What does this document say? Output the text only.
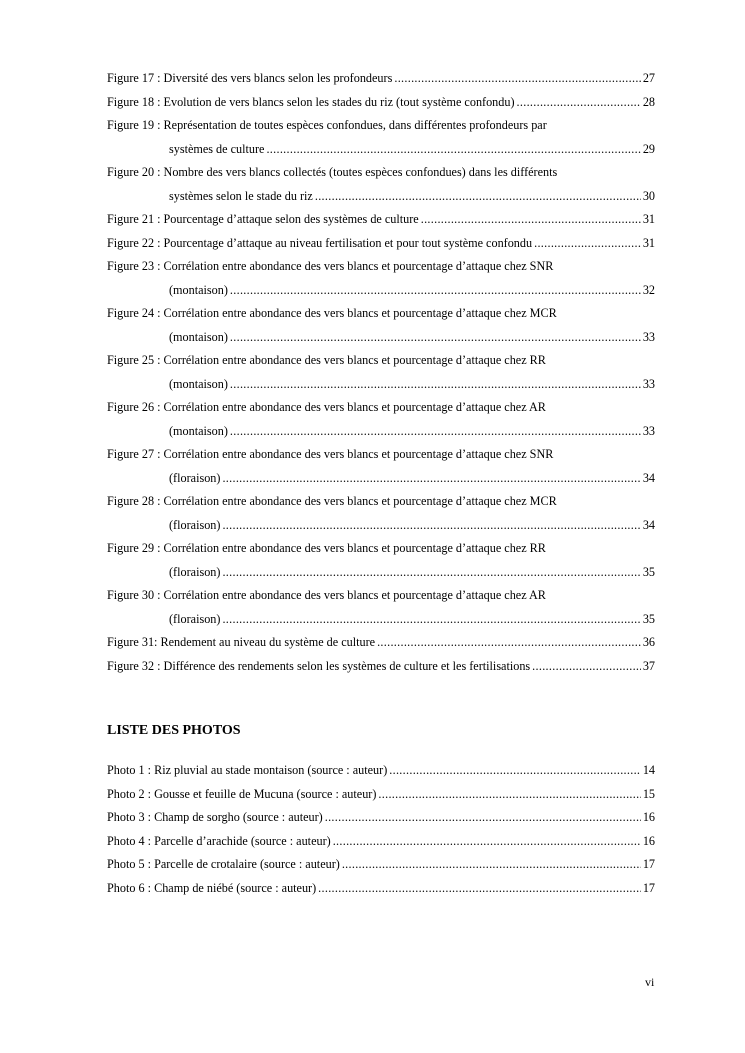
Figure 17 : Diversité des vers blancs selon les profondeurs .....	27
Figure 18 : Evolution de vers blancs selon les stades du riz (tout système confondu) .....	28
Figure 19 : Représentation de toutes espèces confondues, dans différentes profondeurs par
systèmes de culture .....	29
Figure 20 : Nombre des vers blancs collectés (toutes espèces confondues) dans les différents
systèmes selon le stade du riz .....	30
Figure 21 : Pourcentage d’attaque selon des systèmes de culture .....	31
Figure 22 : Pourcentage d’attaque au niveau fertilisation et pour tout système confondu .....	31
Figure 23 : Corrélation entre abondance des vers blancs et pourcentage d’attaque chez SNR
(montaison) .....	32
Figure 24 : Corrélation entre abondance des vers blancs et pourcentage d’attaque chez MCR
(montaison) .....	33
Figure 25 : Corrélation entre abondance des vers blancs et pourcentage d’attaque chez RR
(montaison) .....	33
Figure 26 : Corrélation entre abondance des vers blancs et pourcentage d’attaque chez AR
(montaison) .....	33
Figure 27 : Corrélation entre abondance des vers blancs et pourcentage d’attaque chez SNR
(floraison) .....	34
Figure 28 : Corrélation entre abondance des vers blancs et pourcentage d’attaque chez MCR
(floraison) .....	34
Figure 29 : Corrélation entre abondance des vers blancs et pourcentage d’attaque chez RR
(floraison) .....	35
Figure 30 : Corrélation entre abondance des vers blancs et pourcentage d’attaque chez AR
(floraison) .....	35
Figure 31: Rendement au niveau du système de culture .....	36
Figure 32 : Différence des rendements selon les systèmes de culture et les fertilisations .....	37
LISTE DES PHOTOS
Photo 1 : Riz pluvial au stade montaison (source : auteur) .....	14
Photo 2 : Gousse et feuille de Mucuna (source : auteur) .....	15
Photo 3 : Champ de sorgho (source : auteur) .....	16
Photo 4 : Parcelle d’arachide (source : auteur) .....	16
Photo 5 : Parcelle de crotalaire (source : auteur) .....	17
Photo 6 : Champ de niébé (source : auteur) .....	17
vi
